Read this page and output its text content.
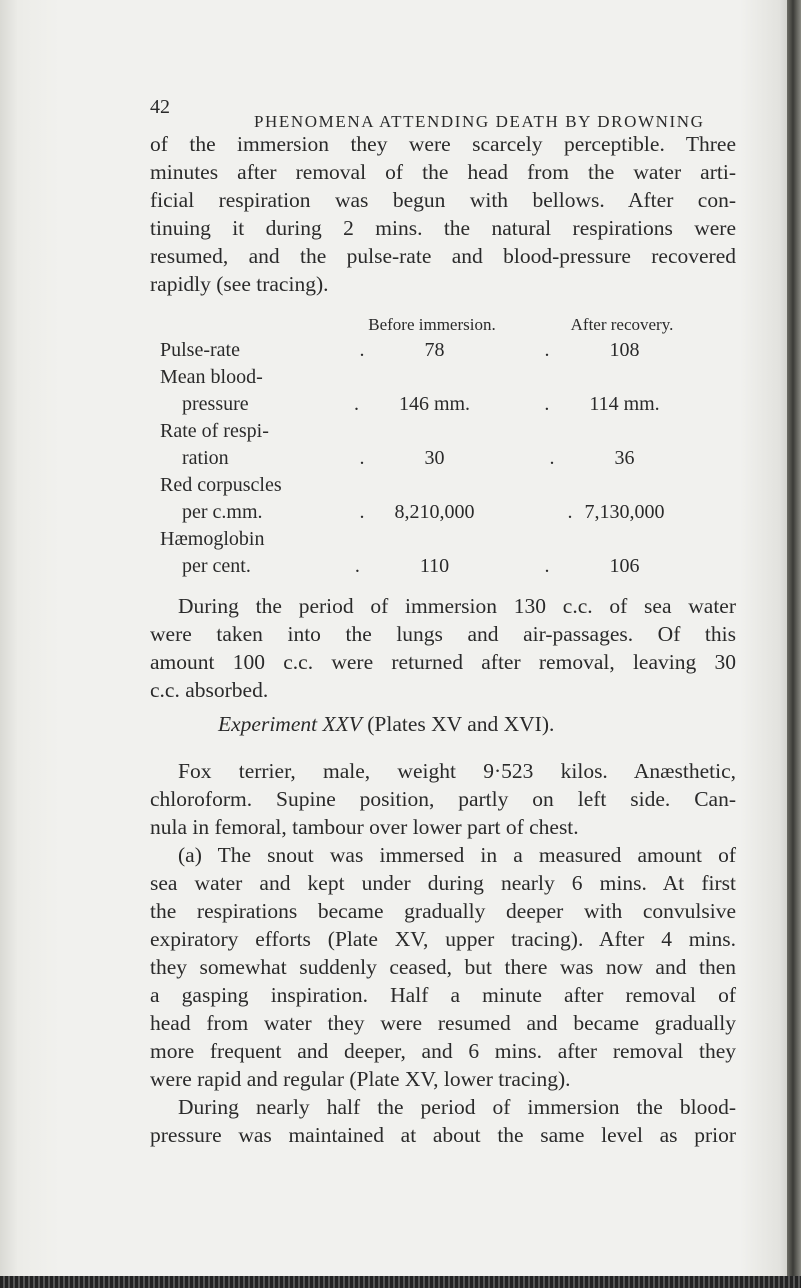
42
PHENOMENA ATTENDING DEATH BY DROWNING
of the immersion they were scarcely perceptible. Three
minutes after removal of the head from the water arti-
ficial respiration was begun with bellows. After con-
tinuing it during 2 mins. the natural respirations were
resumed, and the pulse-rate and blood-pressure recovered
rapidly (see tracing).
	Before immersion.	After recovery.
Pulse-rate	. 78	. 108
Mean blood-		
pressure	. 146 mm.	. 114 mm.
Rate of respi-		
ration	. 30	. 36
Red corpuscles		
per c.mm.	. 8,210,000	. 7,130,000
Hæmoglobin		
per cent.	. 110	. 106
During the period of immersion 130 c.c. of sea water
were taken into the lungs and air-passages. Of this
amount 100 c.c. were returned after removal, leaving 30
c.c. absorbed.
Experiment XXV (Plates XV and XVI).
Fox terrier, male, weight 9·523 kilos. Anæsthetic,
chloroform. Supine position, partly on left side. Can-
nula in femoral, tambour over lower part of chest.
(a) The snout was immersed in a measured amount of
sea water and kept under during nearly 6 mins. At first
the respirations became gradually deeper with convulsive
expiratory efforts (Plate XV, upper tracing). After 4 mins.
they somewhat suddenly ceased, but there was now and then
a gasping inspiration. Half a minute after removal of
head from water they were resumed and became gradually
more frequent and deeper, and 6 mins. after removal they
were rapid and regular (Plate XV, lower tracing).
During nearly half the period of immersion the blood-
pressure was maintained at about the same level as prior
